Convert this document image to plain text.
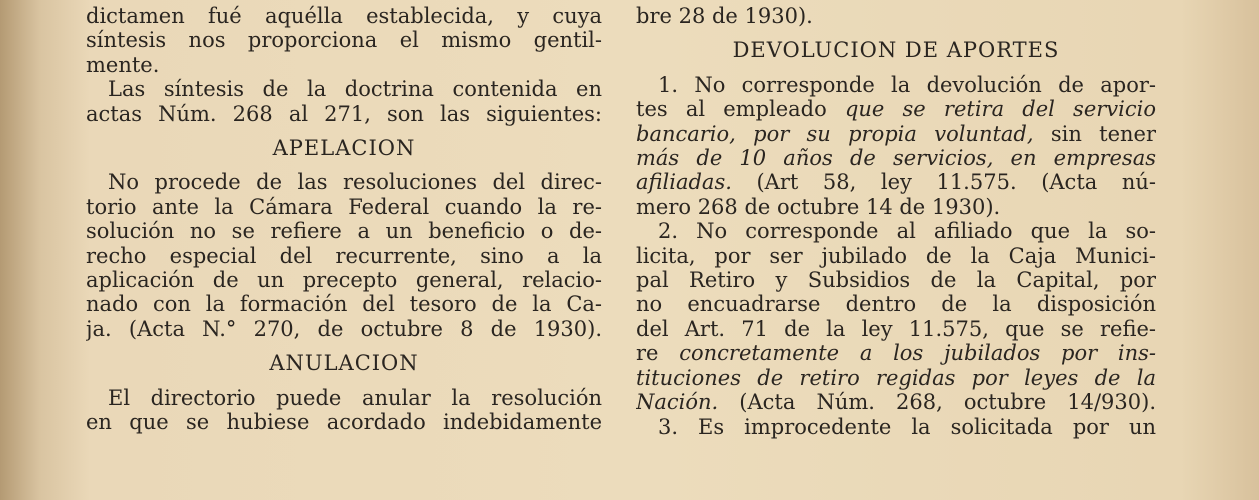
dictamen fué aquélla establecida, y cuya
síntesis nos proporciona el mismo gentil-
mente.
Las síntesis de la doctrina contenida en
actas Núm. 268 al 271, son las siguientes:
APELACION
No procede de las resoluciones del direc-
torio ante la Cámara Federal cuando la re-
solución no se refiere a un beneficio o de-
recho especial del recurrente, sino a la
aplicación de un precepto general, relacio-
nado con la formación del tesoro de la Ca-
ja. (Acta N.° 270, de octubre 8 de 1930).
ANULACION
El directorio puede anular la resolución
en que se hubiese acordado indebidamente
bre 28 de 1930).
DEVOLUCION DE APORTES
1. No corresponde la devolución de apor-
tes al empleado que se retira del servicio
bancario, por su propia voluntad, sin tener
más de 10 años de servicios, en empresas
afiliadas. (Art 58, ley 11.575. (Acta nú-
mero 268 de octubre 14 de 1930).
2. No corresponde al afiliado que la so-
licita, por ser jubilado de la Caja Munici-
pal Retiro y Subsidios de la Capital, por
no encuadrarse dentro de la disposición
del Art. 71 de la ley 11.575, que se refie-
re concretamente a los jubilados por ins-
tituciones de retiro regidas por leyes de la
Nación. (Acta Núm. 268, octubre 14/930).
3. Es improcedente la solicitada por un
